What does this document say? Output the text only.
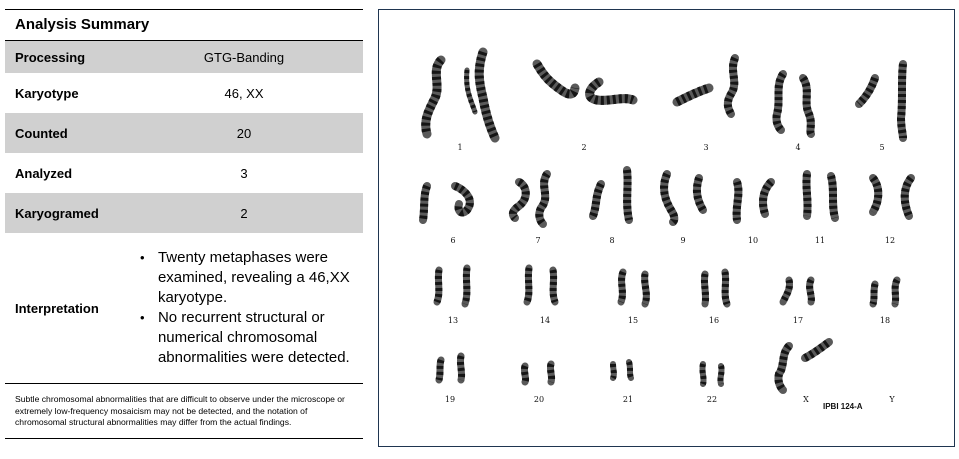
Analysis Summary
Processing	GTG-Banding
Karyotype	46, XX
Counted	20
Analyzed	3
Karyogramed	2
Interpretation
• Twenty metaphases were examined, revealing a 46,XX karyotype.
• No recurrent structural or numerical chromosomal abnormalities were detected.
Subtle chromosomal abnormalities that are difficult to observe under the microscope or extremely low-frequency mosaicism may not be detected, and the notation of chromosomal structural abnormalities may differ from the actual findings.
1	2	3	4	5
6	7	8	9	10	11	12
13	14	15	16	17	18
19	20	21	22	X	Y
IPBI 124-A
